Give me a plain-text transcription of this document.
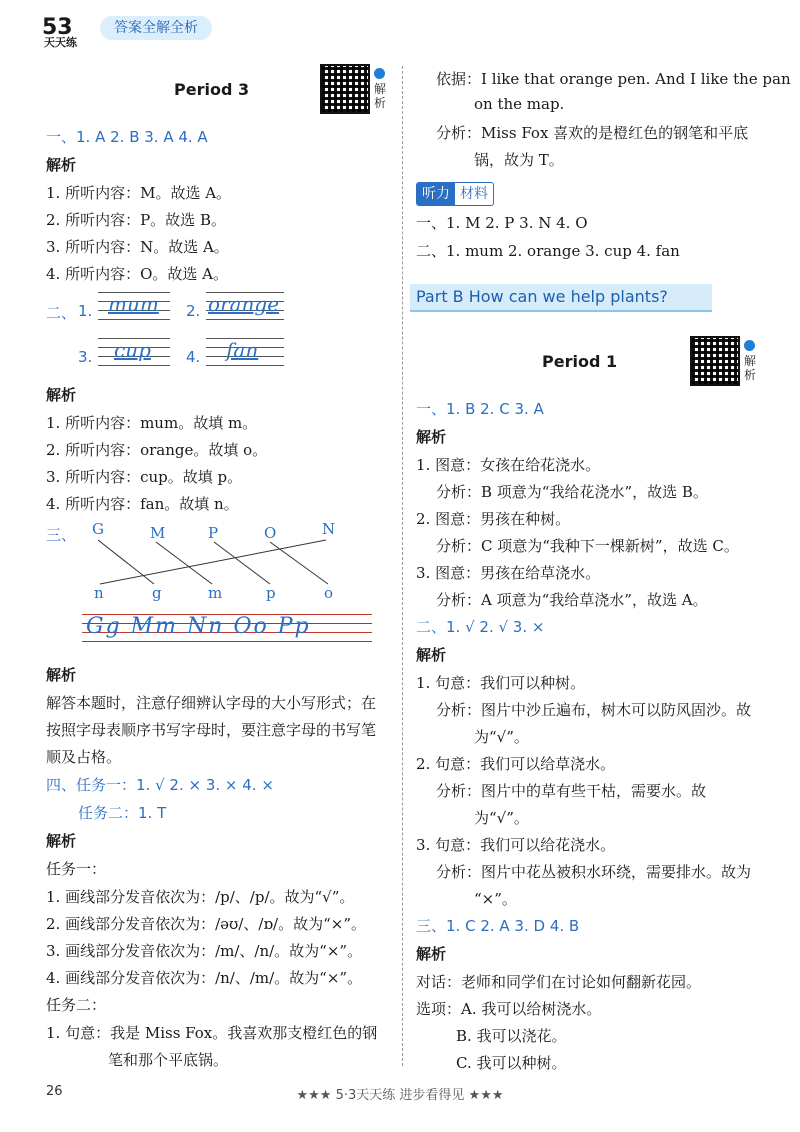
53
天天练
答案全解全析
Period 3	解析
一、1. A 2. B 3. A 4. A
解析
1. 所听内容：M。故选 A。
2. 所听内容：P。故选 B。
3. 所听内容：N。故选 A。
4. 所听内容：O。故选 A。
二、 1. mum 2. orange
3. cup 4. fan
解析
1. 所听内容：mum。故填 m。
2. 所听内容：orange。故填 o。
3. 所听内容：cup。故填 p。
4. 所听内容：fan。故填 n。
三、 G	M	P	O	N
n	g	m	p	o
Gg Mm Nn Oo Pp
解析
解答本题时，注意仔细辨认字母的大小写形式；在
按照字母表顺序书写字母时，要注意字母的书写笔
顺及占格。
四、任务一：1. √ 2. × 3. × 4. ×
任务二：1. T
解析
任务一：
1. 画线部分发音依次为：/p/、/p/。故为“√”。
2. 画线部分发音依次为：/əʊ/、/ɒ/。故为“×”。
3. 画线部分发音依次为：/m/、/n/。故为“×”。
4. 画线部分发音依次为：/n/、/m/。故为“×”。
任务二：
1. 句意：我是 Miss Fox。我喜欢那支橙红色的钢
笔和那个平底锅。
依据：I like that orange pen. And I like the pan
on the map.
分析：Miss Fox 喜欢的是橙红色的钢笔和平底
锅，故为 T。
听力 材料
一、1. M 2. P 3. N 4. O
二、1. mum 2. orange 3. cup 4. fan
Part B How can we help plants?
Period 1	解析
一、1. B 2. C 3. A
解析
1. 图意：女孩在给花浇水。
分析：B 项意为“我给花浇水”，故选 B。
2. 图意：男孩在种树。
分析：C 项意为“我种下一棵新树”，故选 C。
3. 图意：男孩在给草浇水。
分析：A 项意为“我给草浇水”，故选 A。
二、1. √ 2. √ 3. ×
解析
1. 句意：我们可以种树。
分析：图片中沙丘遍布，树木可以防风固沙。故
为“√”。
2. 句意：我们可以给草浇水。
分析：图片中的草有些干枯，需要水。故
为“√”。
3. 句意：我们可以给花浇水。
分析：图片中花丛被积水环绕，需要排水。故为
“×”。
三、1. C 2. A 3. D 4. B
解析
对话：老师和同学们在讨论如何翻新花园。
选项：A. 我可以给树浇水。
B. 我可以浇花。
C. 我可以种树。
26	★★★ 5·3天天练 进步看得见 ★★★
